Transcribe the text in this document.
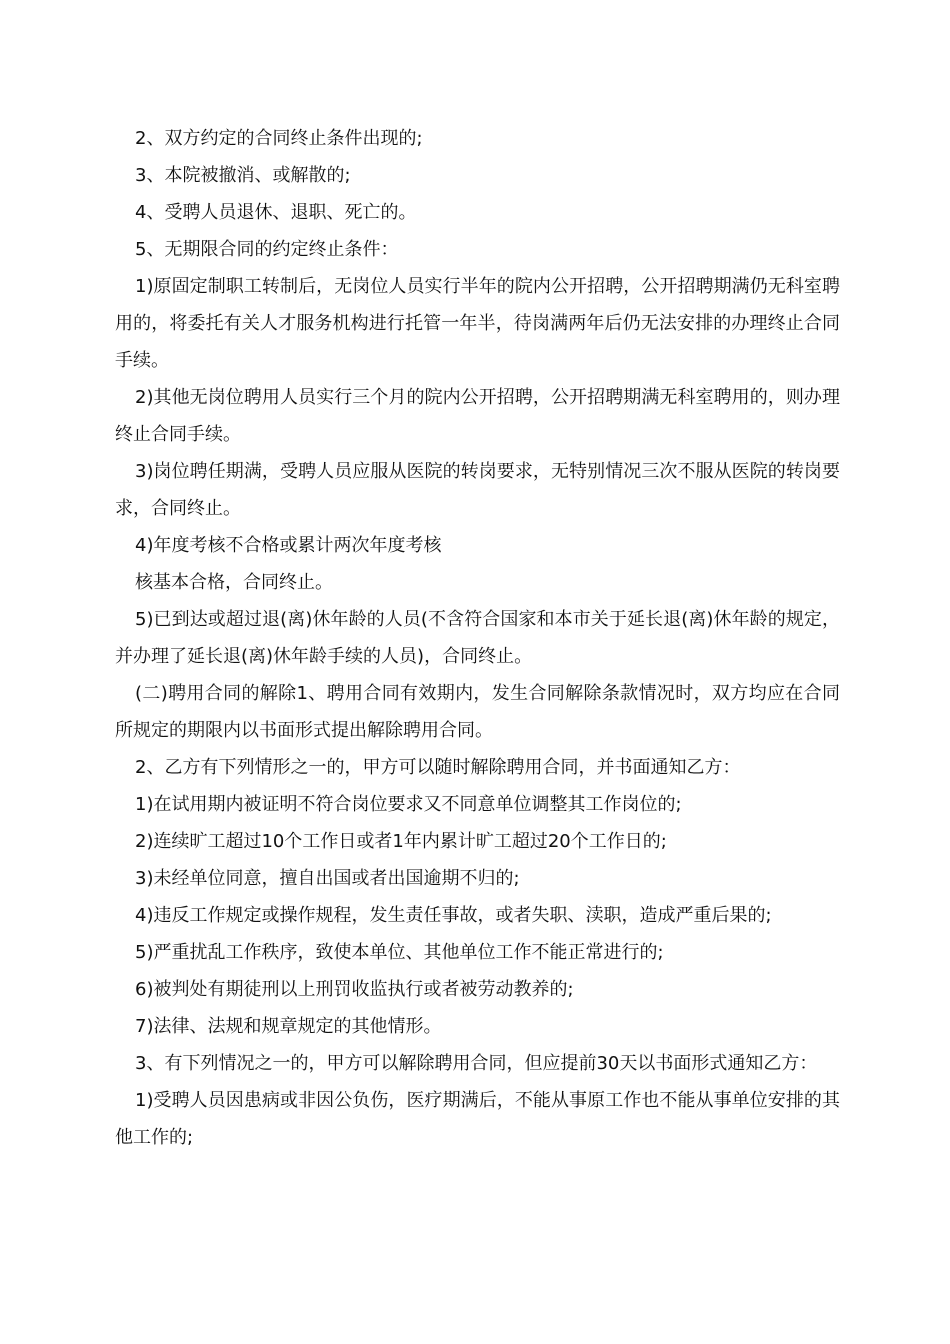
2、双方约定的合同终止条件出现的;

3、本院被撤消、或解散的;

4、受聘人员退休、退职、死亡的。

5、无期限合同的约定终止条件：

1)原固定制职工转制后，无岗位人员实行半年的院内公开招聘，公开招聘期满仍无科室聘用的，将委托有关人才服务机构进行托管一年半，待岗满两年后仍无法安排的办理终止合同手续。

2)其他无岗位聘用人员实行三个月的院内公开招聘，公开招聘期满无科室聘用的，则办理终止合同手续。

3)岗位聘任期满，受聘人员应服从医院的转岗要求，无特别情况三次不服从医院的转岗要求，合同终止。

4)年度考核不合格或累计两次年度考核

核基本合格，合同终止。

5)已到达或超过退(离)休年龄的人员(不含符合国家和本市关于延长退(离)休年龄的规定，并办理了延长退(离)休年龄手续的人员)，合同终止。

(二)聘用合同的解除1、聘用合同有效期内，发生合同解除条款情况时，双方均应在合同所规定的期限内以书面形式提出解除聘用合同。

2、乙方有下列情形之一的，甲方可以随时解除聘用合同，并书面通知乙方：

1)在试用期内被证明不符合岗位要求又不同意单位调整其工作岗位的;

2)连续旷工超过10个工作日或者1年内累计旷工超过20个工作日的;

3)未经单位同意，擅自出国或者出国逾期不归的;

4)违反工作规定或操作规程，发生责任事故，或者失职、渎职，造成严重后果的;

5)严重扰乱工作秩序，致使本单位、其他单位工作不能正常进行的;

6)被判处有期徒刑以上刑罚收监执行或者被劳动教养的;

7)法律、法规和规章规定的其他情形。

3、有下列情况之一的，甲方可以解除聘用合同，但应提前30天以书面形式通知乙方：

1)受聘人员因患病或非因公负伤，医疗期满后，不能从事原工作也不能从事单位安排的其他工作的;
